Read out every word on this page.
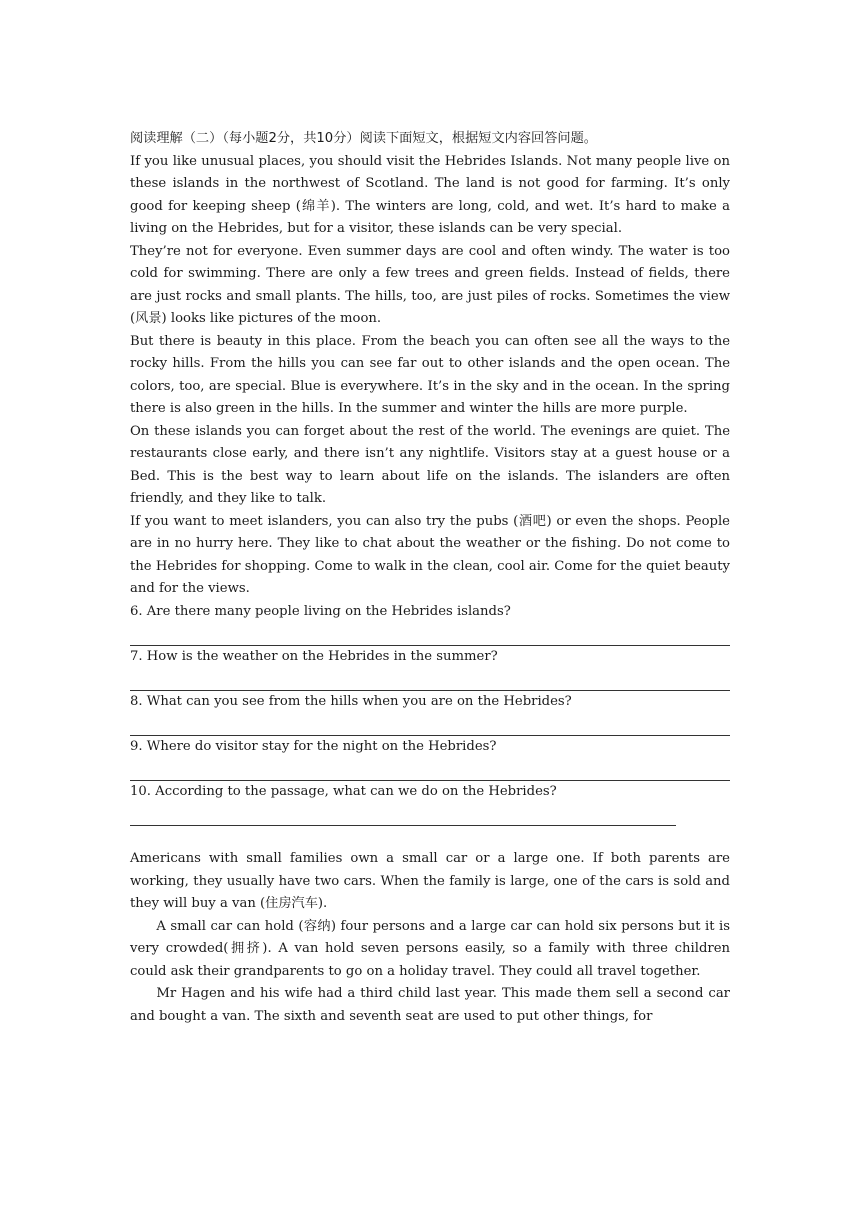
阅读理解（二）（每小题2分，共10分）阅读下面短文，根据短文内容回答问题。

If you like unusual places, you should visit the Hebrides Islands. Not many people live on these islands in the northwest of Scotland. The land is not good for farming. It’s only good for keeping sheep (绵羊). The winters are long, cold, and wet. It’s hard to make a living on the Hebrides, but for a visitor, these islands can be very special.

They’re not for everyone. Even summer days are cool and often windy. The water is too cold for swimming. There are only a few trees and green fields. Instead of fields, there are just rocks and small plants. The hills, too, are just piles of rocks. Sometimes the view (风景) looks like pictures of the moon.

But there is beauty in this place. From the beach you can often see all the ways to the rocky hills. From the hills you can see far out to other islands and the open ocean. The colors, too, are special. Blue is everywhere. It’s in the sky and in the ocean. In the spring there is also green in the hills. In the summer and winter the hills are more purple.

On these islands you can forget about the rest of the world. The evenings are quiet. The restaurants close early, and there isn’t any nightlife. Visitors stay at a guest house or a Bed. This is the best way to learn about life on the islands. The islanders are often friendly, and they like to talk.

If you want to meet islanders, you can also try the pubs (酒吧) or even the shops. People are in no hurry here. They like to chat about the weather or the fishing. Do not come to the Hebrides for shopping. Come to walk in the clean, cool air. Come for the quiet beauty and for the views.

6. Are there many people living on the Hebrides islands?
7. How is the weather on the Hebrides in the summer?
8. What can you see from the hills when you are on the Hebrides?
9. Where do visitor stay for the night on the Hebrides?
10. According to the passage, what can we do on the Hebrides?

Americans with small families own a small car or a large one. If both parents are working, they usually have two cars. When the family is large, one of the cars is sold and they will buy a van (住房汽车).

A small car can hold (容纳) four persons and a large car can hold six persons but it is very crowded(拥挤). A van hold seven persons easily, so a family with three children could ask their grandparents to go on a holiday travel. They could all travel together.

Mr Hagen and his wife had a third child last year. This made them sell a second car and bought a van. The sixth and seventh seat are used to put other things, for
